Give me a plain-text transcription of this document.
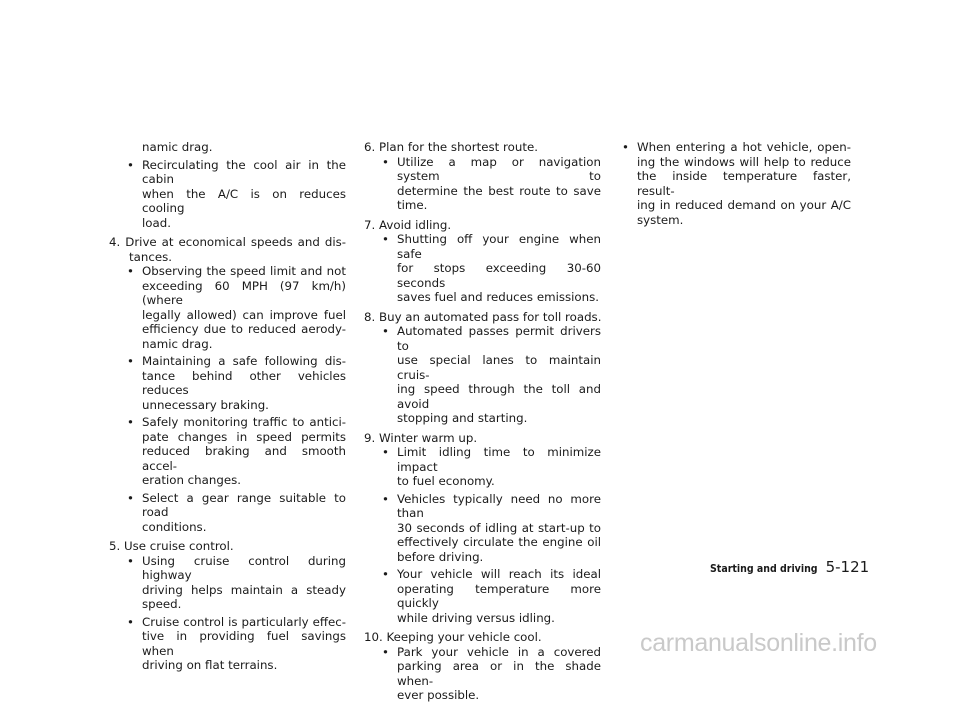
namic drag.
• Recirculating the cool air in the cabin
when the A/C is on reduces cooling
load.
4. Drive at economical speeds and dis-
tances.
• Observing the speed limit and not
exceeding 60 MPH (97 km/h) (where
legally allowed) can improve fuel
efficiency due to reduced aerody-
namic drag.
• Maintaining a safe following dis-
tance behind other vehicles reduces
unnecessary braking.
• Safely monitoring traffic to antici-
pate changes in speed permits
reduced braking and smooth accel-
eration changes.
• Select a gear range suitable to road
conditions.
5. Use cruise control.
• Using cruise control during highway
driving helps maintain a steady
speed.
• Cruise control is particularly effec-
tive in providing fuel savings when
driving on flat terrains.
6. Plan for the shortest route.
• Utilize a map or navigation system to
determine the best route to save
time.
7. Avoid idling.
• Shutting off your engine when safe
for stops exceeding 30-60 seconds
saves fuel and reduces emissions.
8. Buy an automated pass for toll roads.
• Automated passes permit drivers to
use special lanes to maintain cruis-
ing speed through the toll and avoid
stopping and starting.
9. Winter warm up.
• Limit idling time to minimize impact
to fuel economy.
• Vehicles typically need no more than
30 seconds of idling at start-up to
effectively circulate the engine oil
before driving.
• Your vehicle will reach its ideal
operating temperature more quickly
while driving versus idling.
10. Keeping your vehicle cool.
• Park your vehicle in a covered
parking area or in the shade when-
ever possible.
• When entering a hot vehicle, open-
ing the windows will help to reduce
the inside temperature faster, result-
ing in reduced demand on your A/C
system.
Starting and driving 5-121
carmanualsonline.info
